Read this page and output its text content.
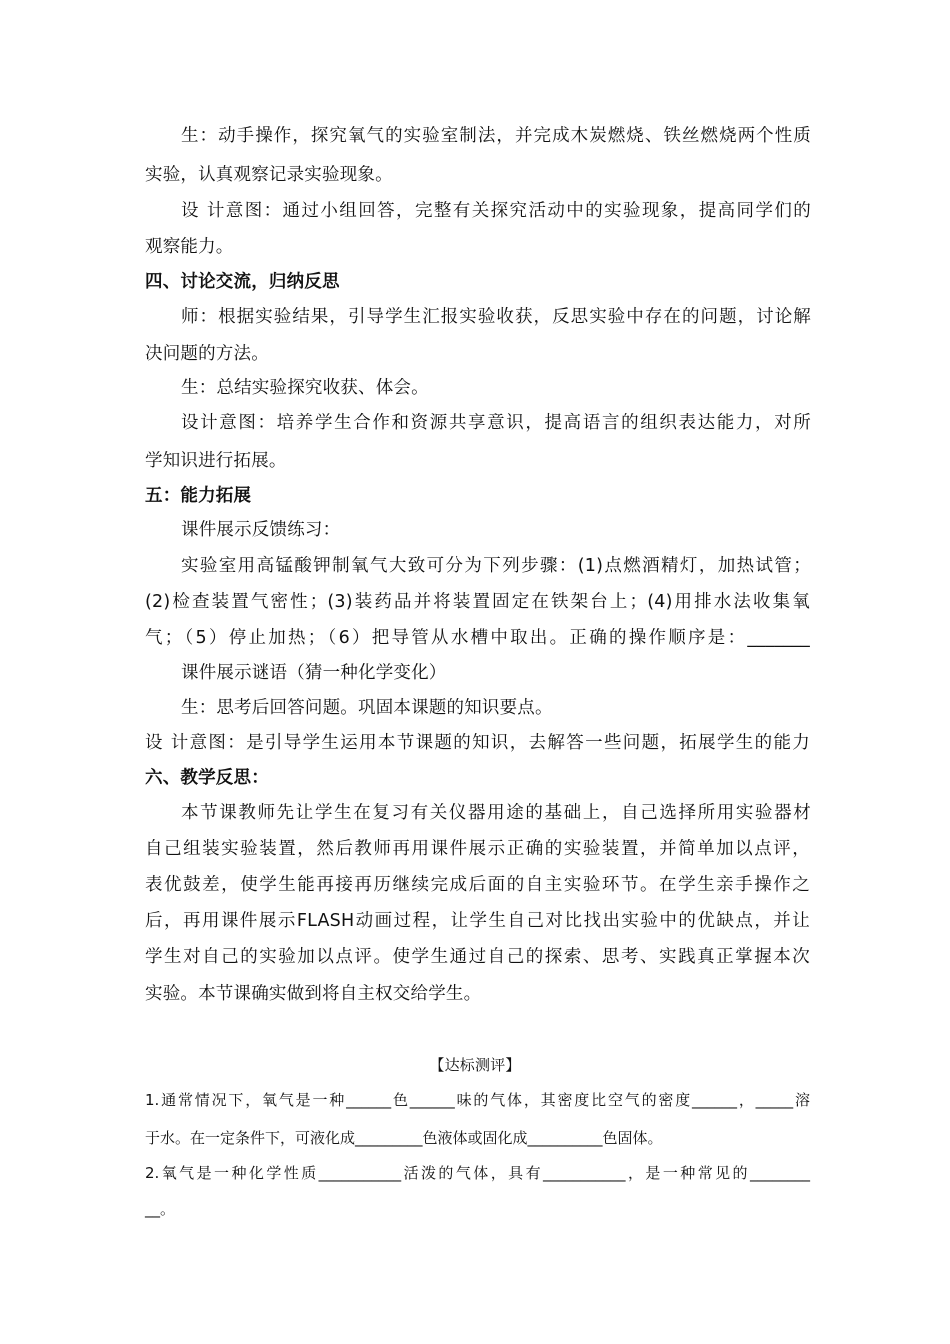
生：动手操作，探究氧气的实验室制法，并完成木炭燃烧、铁丝燃烧两个性质
实验，认真观察记录实验现象。
设 计意图：通过小组回答，完整有关探究活动中的实验现象，提高同学们的
观察能力。
四、讨论交流，归纳反思
师：根据实验结果，引导学生汇报实验收获，反思实验中存在的问题，讨论解
决问题的方法。
生：总结实验探究收获、体会。
设计意图：培养学生合作和资源共享意识，提高语言的组织表达能力，对所
学知识进行拓展。
五：能力拓展
课件展示反馈练习：
实验室用高锰酸钾制氧气大致可分为下列步骤：(1)点燃酒精灯，加热试管；
(2)检查装置气密性；(3)装药品并将装置固定在铁架台上；(4)用排水法收集氧
气；（5）停止加热；（6）把导管从水槽中取出。正确的操作顺序是：_______
课件展示谜语（猜一种化学变化）
生：思考后回答问题。巩固本课题的知识要点。
设 计意图：是引导学生运用本节课题的知识，去解答一些问题，拓展学生的能力
六、教学反思：
本节课教师先让学生在复习有关仪器用途的基础上，自己选择所用实验器材
自己组装实验装置，然后教师再用课件展示正确的实验装置，并简单加以点评，
表优鼓差，使学生能再接再历继续完成后面的自主实验环节。在学生亲手操作之
后，再用课件展示FLASH动画过程，让学生自己对比找出实验中的优缺点，并让
学生对自己的实验加以点评。使学生通过自己的探索、思考、实践真正掌握本次
实验。本节课确实做到将自主权交给学生。
【达标测评】
1.通常情况下，氧气是一种______色______味的气体，其密度比空气的密度______，_____溶
于水。在一定条件下，可液化成_________色液体或固化成__________色固体。
2.氧气是一种化学性质___________活泼的气体，具有___________，是一种常见的________
__。
